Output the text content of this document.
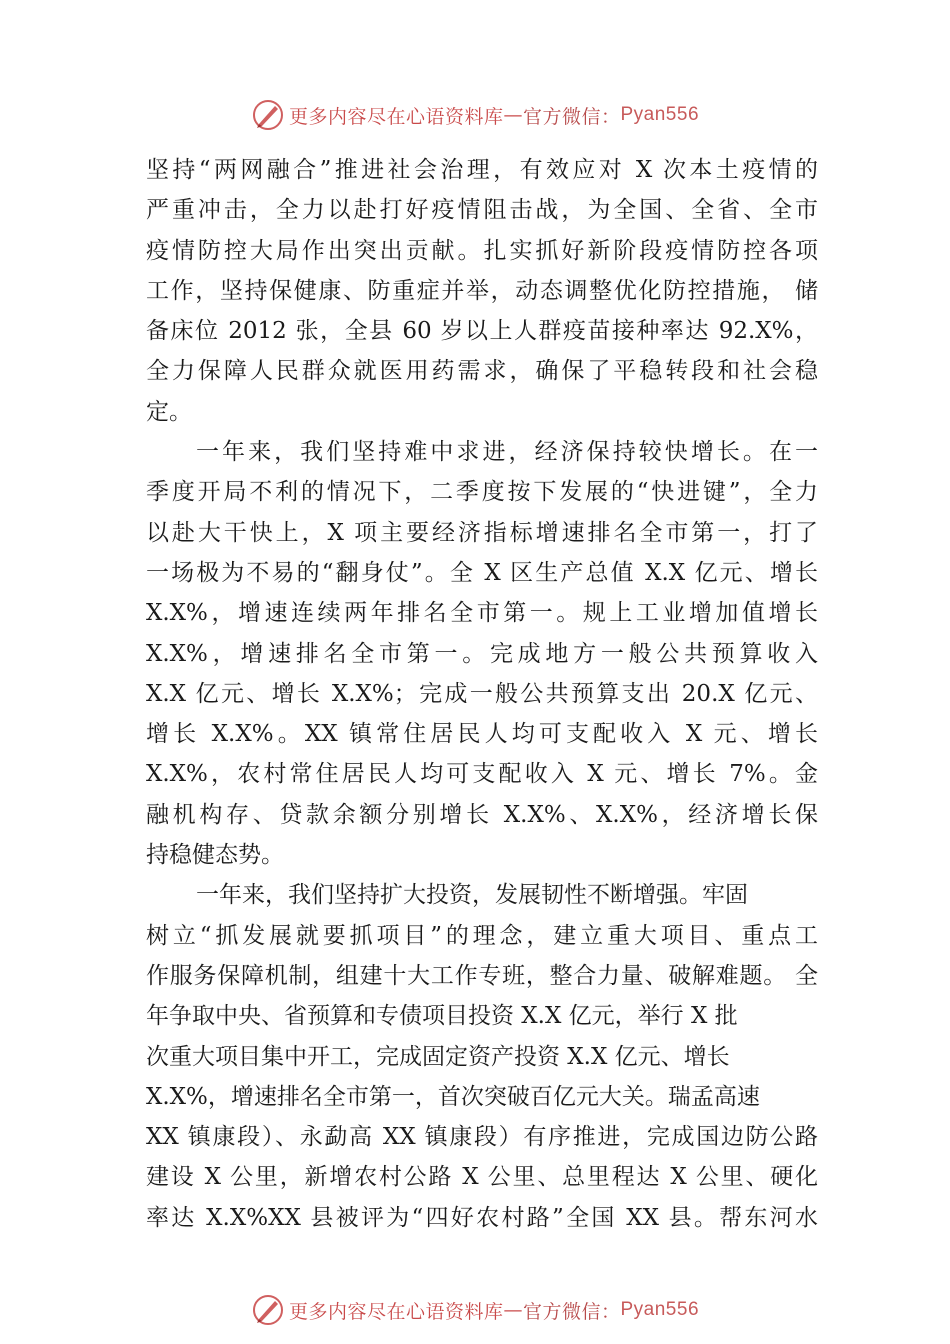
更多内容尽在心语资料库 — 官方微信： Pyan556
坚持“两网融合”推进社会治理，有效应对 X 次本土疫情的
严重冲击，全力以赴打好疫情阻击战，为全国、全省、全市
疫情防控大局作出突出贡献。扎实抓好新阶段疫情防控各项
工作，坚持保健康、防重症并举，动态调整优化防控措施， 储
备床位 2012 张，全县 60 岁以上人群疫苗接种率达 92.X%，
全力保障人民群众就医用药需求，确保了平稳转段和社会稳
定。
一年来，我们坚持难中求进，经济保持较快增长。在一
季度开局不利的情况下，二季度按下发展的“快进键”，全力
以赴大干快上，X 项主要经济指标增速排名全市第一，打了
一场极为不易的“翻身仗”。全 X 区生产总值 X.X 亿元、增长
X.X%，增速连续两年排名全市第一。规上工业增加值增长
X.X%，增速排名全市第一。完成地方一般公共预算收入
X.X 亿元、增长 X.X%；完成一般公共预算支出 20.X 亿元、
增长 X.X%。XX 镇常住居民人均可支配收入 X 元、增长
X.X%，农村常住居民人均可支配收入 X 元、增长 7%。金
融机构存、贷款余额分别增长 X.X%、X.X%，经济增长保
持稳健态势。
一年来，我们坚持扩大投资，发展韧性不断增强。牢固
树立“抓发展就要抓项目”的理念，建立重大项目、重点工
作服务保障机制，组建十大工作专班，整合力量、破解难题。 全
年争取中央、省预算和专债项目投资 X.X 亿元，举行 X 批
次重大项目集中开工，完成固定资产投资 X.X 亿元、增长
X.X%，增速排名全市第一，首次突破百亿元大关。瑞孟高速
XX 镇康段）、永勐高 XX 镇康段）有序推进，完成国边防公路
建设 X 公里，新增农村公路 X 公里、总里程达 X 公里、硬化
率达 X.X%XX 县被评为“四好农村路”全国 XX 县。帮东河水
更多内容尽在心语资料库 — 官方微信： Pyan556
